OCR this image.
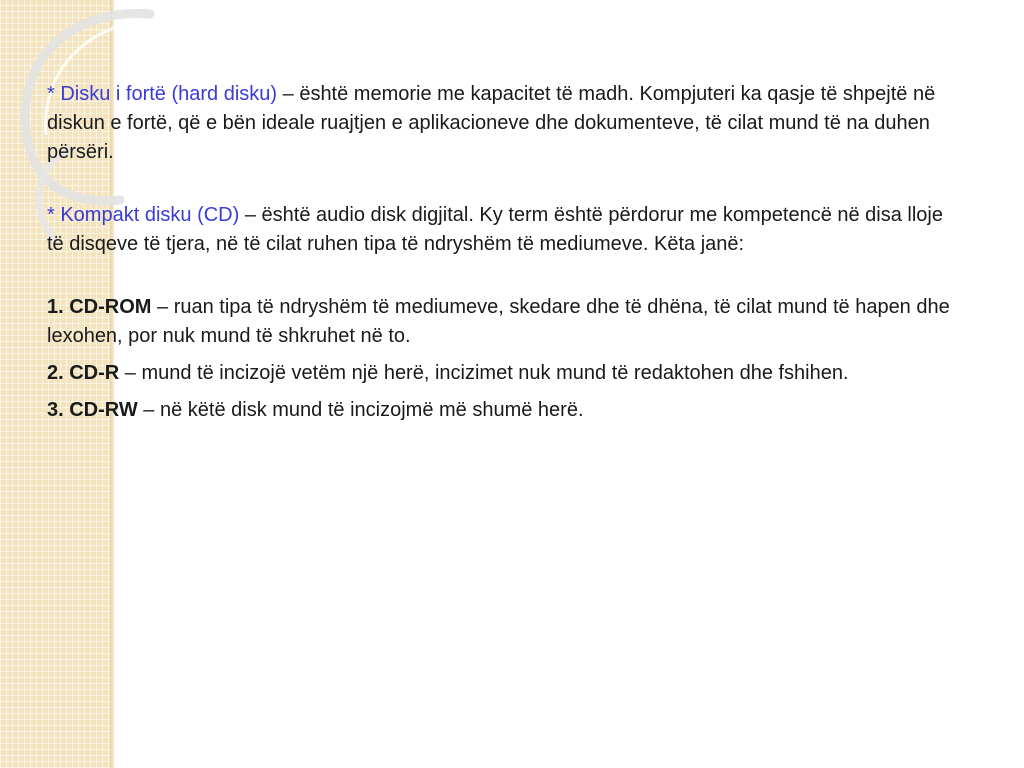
* Disku i fortë (hard disku) – është memorie me kapacitet të madh. Kompjuteri ka qasje të shpejtë në diskun e fortë, që e bën ideale ruajtjen e aplikacioneve dhe dokumenteve, të cilat mund të na duhen përsëri.

* Kompakt disku (CD) – është audio disk digjital. Ky term është përdorur me kompetencë në disa lloje të disqeve të tjera, në të cilat ruhen tipa të ndryshëm të mediumeve. Këta janë:

1. CD-ROM – ruan tipa të ndryshëm të mediumeve, skedare dhe të dhëna, të cilat mund të hapen dhe lexohen, por nuk mund të shkruhet në to.

2. CD-R – mund të incizojë vetëm një herë, incizimet nuk mund të redaktohen dhe fshihen.

3. CD-RW – në këtë disk mund të incizojmë më shumë herë.
